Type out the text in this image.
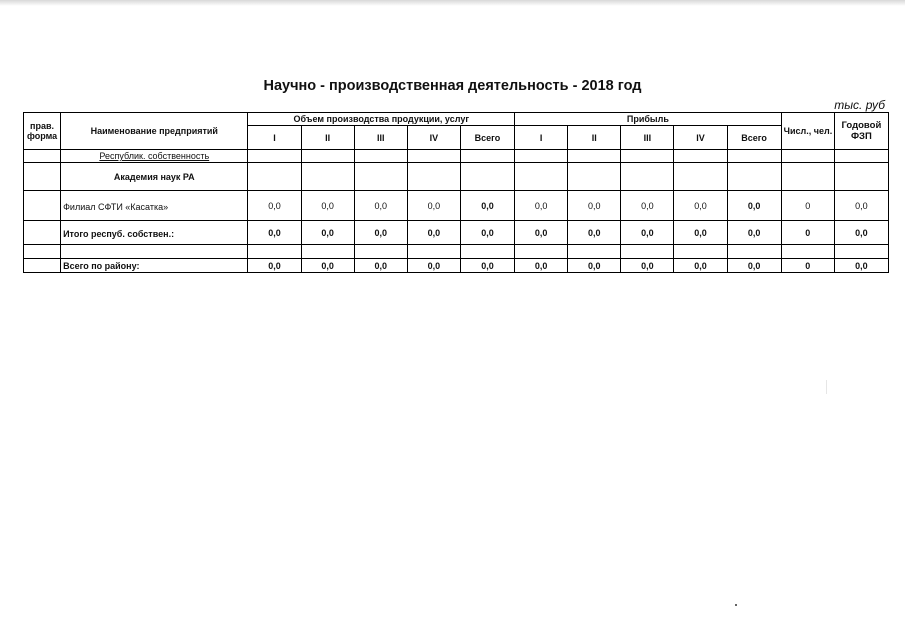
Научно - производственная деятельность - 2018 год
тыс. руб
прав. форма	Наименование предприятий	Объем производства продукции, услуг					Прибыль					Числ., чел.	Годовой ФЗП
		I	II	III	IV	Всего	I	II	III	IV	Всего		
	Республик. собственность												
	Академия наук РА												
	Филиал СФТИ «Касатка»	0,0	0,0	0,0	0,0	0,0	0,0	0,0	0,0	0,0	0,0	0	0,0
	Итого респуб. собствен.:	0,0	0,0	0,0	0,0	0,0	0,0	0,0	0,0	0,0	0,0	0	0,0

	Всего по району:	0,0	0,0	0,0	0,0	0,0	0,0	0,0	0,0	0,0	0,0	0	0,0
